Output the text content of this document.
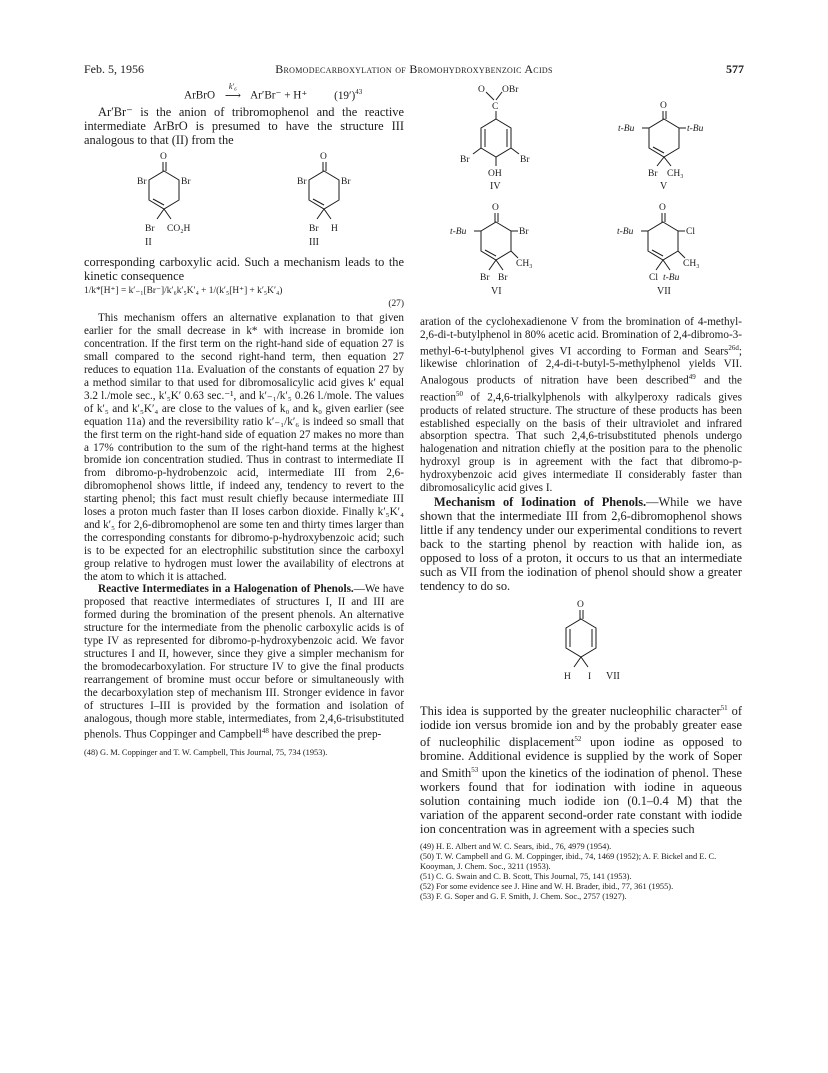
Feb. 5, 1956	Bromodecarboxylation of Bromohydroxybenzoic Acids	577
ArBrO
k′₆
⟶ Ar′Br⁻ + H⁺ $(19')^{43}$

Ar′Br⁻ is the anion of tribromophenol and the reactive intermediate ArBrO is presumed to have the structure III analogous to that (II) from the

O
Br	Br
Br CO₂H
II
O
Br	Br
Br H
III

corresponding carboxylic acid. Such a mechanism leads to the kinetic consequence

1/k*[H⁺] = k′₋₁[Br⁻]/k′₆k′₅K′₄ + 1/(k′₅[H⁺] + k′₅K′₄)
(27)

This mechanism offers an alternative explanation to that given earlier for the small decrease in k* with increase in bromide ion concentration. If the first term on the right-hand side of equation 27 is small compared to the second right-hand term, then equation 27 reduces to equation 11a. Evaluation of the constants of equation 27 by a method similar to that used for dibromosalicylic acid gives k′ equal 3.2 l./mole sec., k′₅K′ 0.63 sec.⁻¹, and k′₋₁/k′₅ 0.26 l./mole. The values of k′₅ and k′₅K′₄ are close to the values of k₀ and k₀ given earlier (see equation 11a) and the reversibility ratio k′₋₁/k′₆ is indeed so small that the first term on the right-hand side of equation 27 makes no more than a 17% contribution to the sum of the right-hand terms at the highest bromide ion concentration studied. Thus in contrast to intermediate II from dibromo-p-hydrobenzoic acid, intermediate III from 2,6-dibromophenol shows little, if indeed any, tendency to revert to the starting phenol; this fact must result chiefly because intermediate III loses a proton much faster than II loses carbon dioxide. Finally k′₅K′₄ and k′₅ for 2,6-dibromophenol are some ten and thirty times larger than the corresponding constants for dibromo-p-hydroxybenzoic acid; such is to be expected for an electrophilic substitution since the carboxyl group relative to hydrogen must lower the availability of electrons at the atom to which it is attached.

Reactive Intermediates in a Halogenation of Phenols.—We have proposed that reactive intermediates of structures I, II and III are formed during the bromination of the present phenols. An alternative structure for the intermediate from the phenolic carboxylic acids is of type IV as represented for dibromo-p-hydroxybenzoic acid. We favor structures I and II, however, since they give a simpler mechanism for the bromodecarboxylation. For structure IV to give the final products rearrangement of bromine must occur before or simultaneously with the decarboxylation step of mechanism III. Stronger evidence in favor of structures I–III is provided by the formation and isolation of analogous, though more stable, intermediates, from 2,4,6-trisubstituted phenols. Thus Coppinger and Campbell$^{48}$ have described the prep-

(48) G. M. Coppinger and T. W. Campbell, This Journal, 75, 734 (1953).

O OBr
C
Br	Br
OH
IV
O
t-Bu	t-Bu
Br CH₃
V
O
t-Bu	Br
CH₃
Br Br
VI
O
t-Bu	Cl
CH₃
Cl t-Bu
VII

aration of the cyclohexadienone V from the bromination of 4-methyl-2,6-di-t-butylphenol in 80% acetic acid. Bromination of 2,4-dibromo-3-methyl-6-t-butylphenol gives VI according to Forman and Sears$^{26d}$; likewise chlorination of 2,4-di-t-butyl-5-methylphenol yields VII. Analogous products of nitration have been described$^{49}$ and the reaction$^{50}$ of 2,4,6-trialkylphenols with alkylperoxy radicals gives products of related structure. The structure of these products has been established especially on the basis of their ultraviolet and infrared absorption spectra. That such 2,4,6-trisubstituted phenols undergo halogenation and nitration chiefly at the position para to the phenolic hydroxyl group is in agreement with the fact that dibromo-p-hydroxybenzoic acid gives intermediate II considerably faster than dibromosalicylic acid gives I.

Mechanism of Iodination of Phenols.—While we have shown that the intermediate III from 2,6-dibromophenol shows little if any tendency under our experimental conditions to revert back to the starting phenol by reaction with halide ion, as opposed to loss of a proton, it occurs to us that an intermediate such as VII from the iodination of phenol should show a greater tendency to do so.

O
H I VII

This idea is supported by the greater nucleophilic character$^{51}$ of iodide ion versus bromide ion and by the probably greater ease of nucleophilic displacement$^{52}$ upon iodine as opposed to bromine. Additional evidence is supplied by the work of Soper and Smith$^{53}$ upon the kinetics of the iodination of phenol. These workers found that for iodination with iodine in aqueous solution containing much iodide ion (0.1–0.4 M) that the variation of the apparent second-order rate constant with iodide ion concentration was in agreement with a species such

(49) H. E. Albert and W. C. Sears, ibid., 76, 4979 (1954).

(50) T. W. Campbell and G. M. Coppinger, ibid., 74, 1469 (1952); A. F. Bickel and E. C. Kooyman, J. Chem. Soc., 3211 (1953).

(51) C. G. Swain and C. B. Scott, This Journal, 75, 141 (1953).

(52) For some evidence see J. Hine and W. H. Brader, ibid., 77, 361 (1955).

(53) F. G. Soper and G. F. Smith, J. Chem. Soc., 2757 (1927).
